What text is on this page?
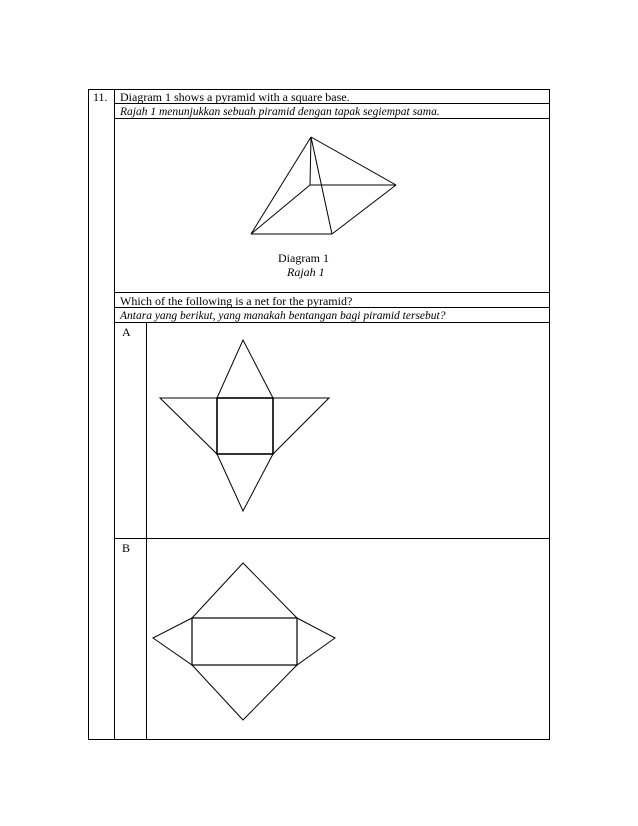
11. Diagram 1 shows a pyramid with a square base.
Rajah 1 menunjukkan sebuah piramid dengan tapak segiempat sama.
Diagram 1
Rajah 1
Which of the following is a net for the pyramid?
Antara yang berikut, yang manakah bentangan bagi piramid tersebut?
A
B
